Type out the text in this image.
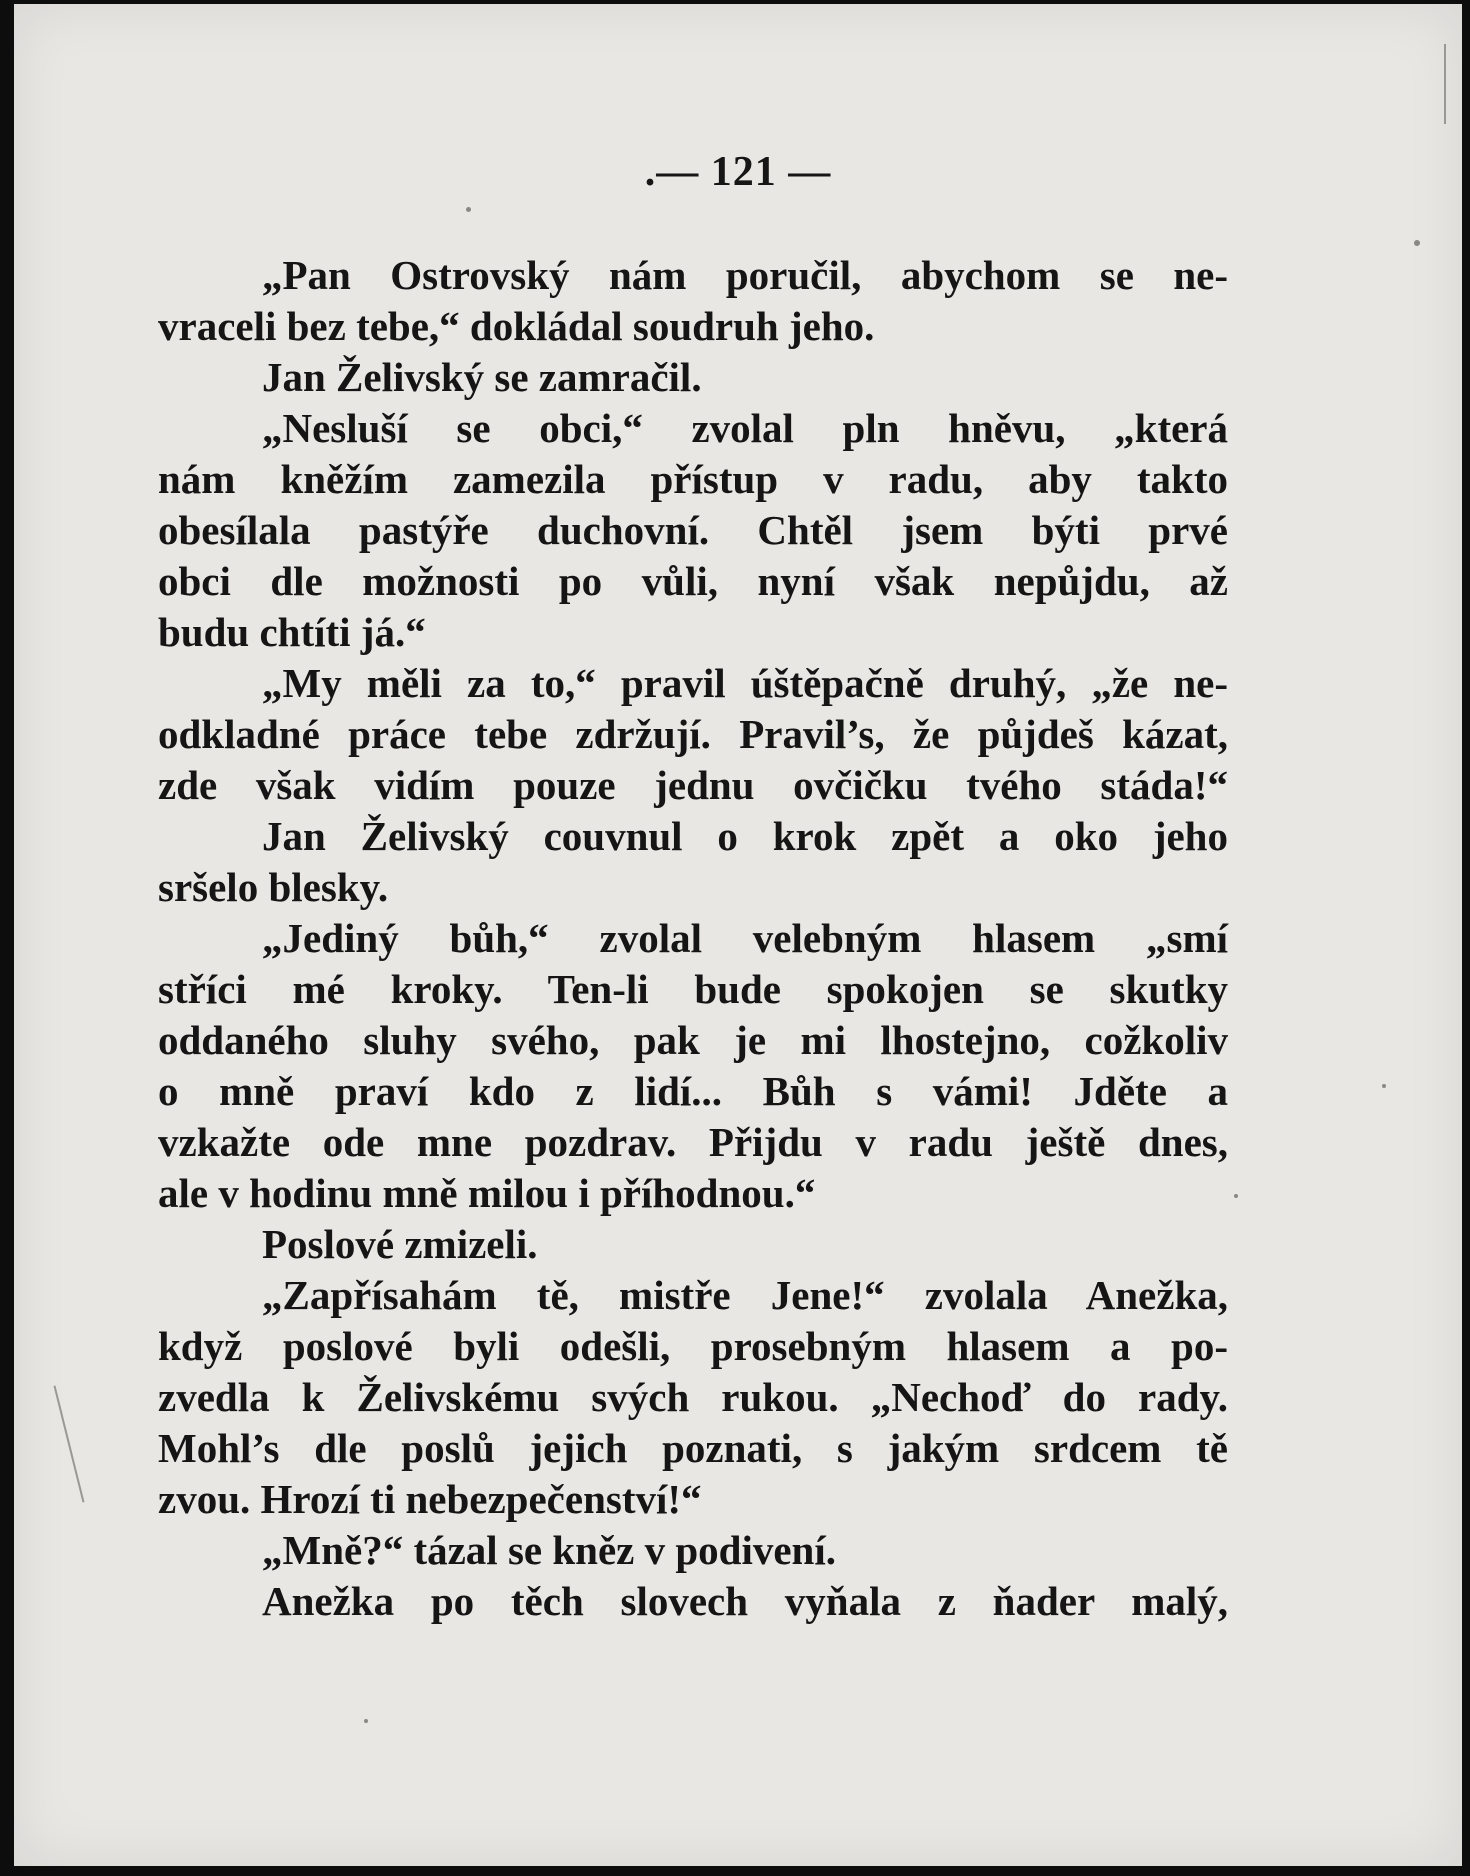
.— 121 —
„Pan Ostrovský nám poručil, abychom se ne-
vraceli bez tebe,“ dokládal soudruh jeho.
Jan Želivský se zamračil.
„Nesluší se obci,“ zvolal pln hněvu, „která
nám kněžím zamezila přístup v radu, aby takto
obesílala pastýře duchovní. Chtěl jsem býti prvé
obci dle možnosti po vůli, nyní však nepůjdu, až
budu chtíti já.“
„My měli za to,“ pravil úštěpačně druhý, „že ne-
odkladné práce tebe zdržují. Pravil’s, že půjdeš kázat,
zde však vidím pouze jednu ovčičku tvého stáda!“
Jan Želivský couvnul o krok zpět a oko jeho
sršelo blesky.
„Jediný bůh,“ zvolal velebným hlasem „smí
stříci mé kroky. Ten-li bude spokojen se skutky
oddaného sluhy svého, pak je mi lhostejno, cožkoliv
o mně praví kdo z lidí... Bůh s vámi! Jděte a
vzkažte ode mne pozdrav. Přijdu v radu ještě dnes,
ale v hodinu mně milou i příhodnou.“
Poslové zmizeli.
„Zapřísahám tě, mistře Jene!“ zvolala Anežka,
když poslové byli odešli, prosebným hlasem a po-
zvedla k Želivskému svých rukou. „Nechoď do rady.
Mohl’s dle poslů jejich poznati, s jakým srdcem tě
zvou. Hrozí ti nebezpečenství!“
„Mně?“ tázal se kněz v podivení.
Anežka po těch slovech vyňala z ňader malý,
